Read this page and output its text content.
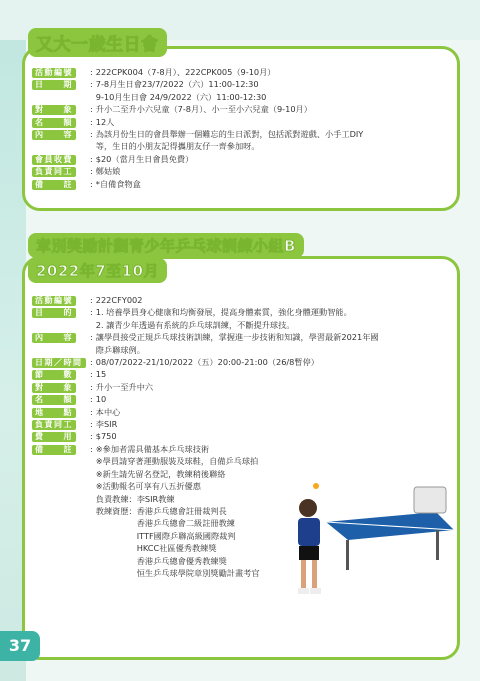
又大一歲生日會
活動編號	: 222CPK004（7-8月）、222CPK005（9-10月）
日　　期	: 7-8月生日會23/7/2022（六）11:00-12:30
9-10月生日會 24/9/2022（六）11:00-12:30
對　　象	: 升小二至升小六兒童（7-8月）、小一至小六兒童（9-10月）
名　　額	: 12人
內　　容	: 為該月份生日的會員舉辦一個難忘的生日派對，包括派對遊戲、小手工DIY
等，生日的小朋友記得攜朋友仔一齊參加呀。
會員收費	: $20（當月生日會員免費）
負責同工	: 鄭姑娘
備　　註	: *自備食物盒
章別獎勵計劃青少年乒乓球訓練小組B
2022年7至10月
活動編號	: 222CFY002
目　　的	: 1. 培養學員身心健康和均衡發展，提高身體素質，強化身體運動智能。
2. 讓青少年透過有系統的乒乓球訓練，不斷提升球技。
內　　容	: 讓學員接受正規乒乓球技術訓練，掌握進一步技術和知識，學習最新2021年國
際乒聯球例。
日期／時間 : 08/07/2022-21/10/2022（五）20:00-21:00（26/8暫停）
節　　數	: 15
對　　象	: 升小一至升中六
名　　額	: 10
地　　點	: 本中心
負責同工	: 李SIR
費　　用	: $750
備　　註	: ※參加者需具備基本乒乓球技術
※學員請穿著運動服裝及球鞋，自備乒乓球拍
※新生請先留名登記，教練稍後聯絡
※活動報名可享有八五折優惠
負責教練：李SIR教練
教練資歷：香港乒乓總會註冊裁判長
　　　　　香港乒乓總會二級註冊教練
　　　　　ITTF國際乒聯高級國際裁判
　　　　　HKCC社區優秀教練獎
　　　　　香港乒乓總會優秀教練獎
　　　　　恒生乒乓球學院章別獎勵計畫考官
37
